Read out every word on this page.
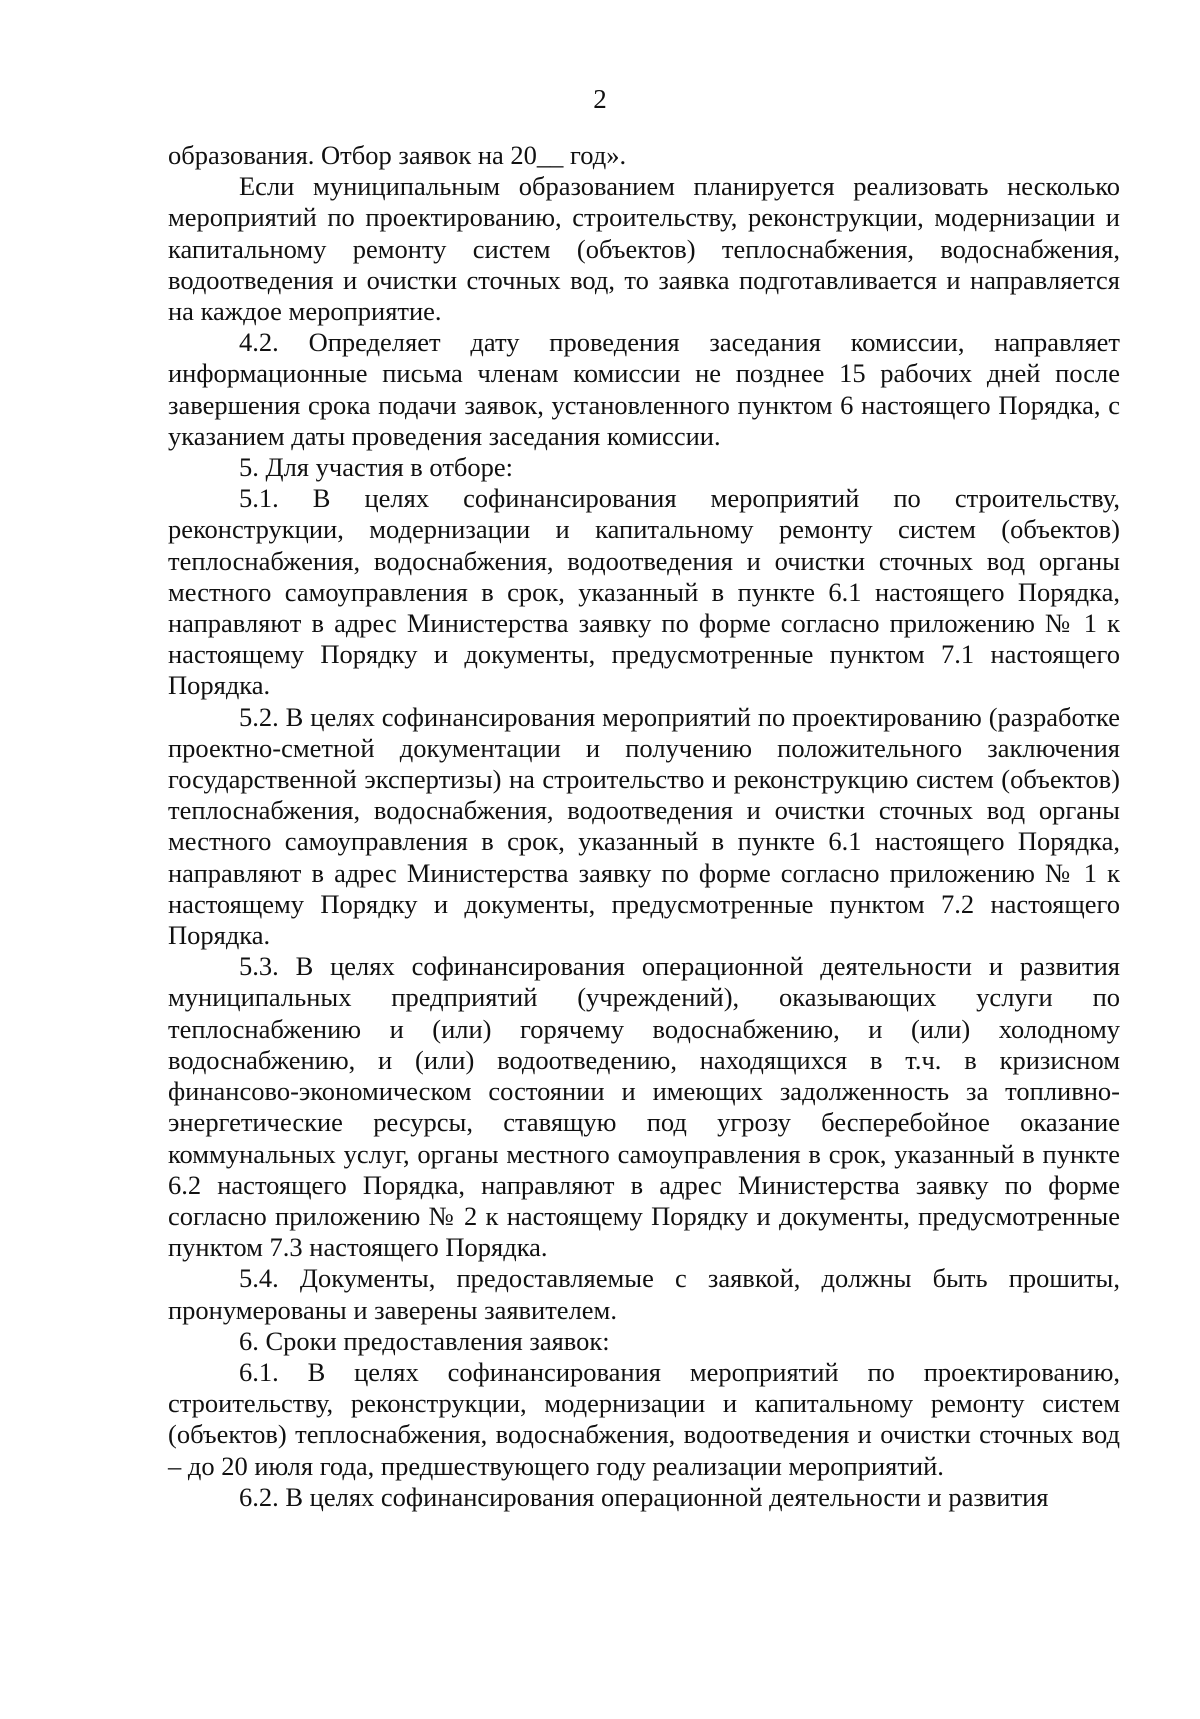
2

образования. Отбор заявок на 20__ год».

Если муниципальным образованием планируется реализовать несколько мероприятий по проектированию, строительству, реконструкции, модернизации и капитальному ремонту систем (объектов) теплоснабжения, водоснабжения, водоотведения и очистки сточных вод, то заявка подготавливается и направляется на каждое мероприятие.

4.2. Определяет дату проведения заседания комиссии, направляет информационные письма членам комиссии не позднее 15 рабочих дней после завершения срока подачи заявок, установленного пунктом 6 настоящего Порядка, с указанием даты проведения заседания комиссии.

5. Для участия в отборе:

5.1. В целях софинансирования мероприятий по строительству, реконструкции, модернизации и капитальному ремонту систем (объектов) теплоснабжения, водоснабжения, водоотведения и очистки сточных вод органы местного самоуправления в срок, указанный в пункте 6.1 настоящего Порядка, направляют в адрес Министерства заявку по форме согласно приложению № 1 к настоящему Порядку и документы, предусмотренные пунктом 7.1 настоящего Порядка.

5.2. В целях софинансирования мероприятий по проектированию (разработке проектно-сметной документации и получению положительного заключения государственной экспертизы) на строительство и реконструкцию систем (объектов) теплоснабжения, водоснабжения, водоотведения и очистки сточных вод органы местного самоуправления в срок, указанный в пункте 6.1 настоящего Порядка, направляют в адрес Министерства заявку по форме согласно приложению № 1 к настоящему Порядку и документы, предусмотренные пунктом 7.2 настоящего Порядка.

5.3. В целях софинансирования операционной деятельности и развития муниципальных предприятий (учреждений), оказывающих услуги по теплоснабжению и (или) горячему водоснабжению, и (или) холодному водоснабжению, и (или) водоотведению, находящихся в т.ч. в кризисном финансово-экономическом состоянии и имеющих задолженность за топливно-энергетические ресурсы, ставящую под угрозу бесперебойное оказание коммунальных услуг, органы местного самоуправления в срок, указанный в пункте 6.2 настоящего Порядка, направляют в адрес Министерства заявку по форме согласно приложению № 2 к настоящему Порядку и документы, предусмотренные пунктом 7.3 настоящего Порядка.

5.4. Документы, предоставляемые с заявкой, должны быть прошиты, пронумерованы и заверены заявителем.

6. Сроки предоставления заявок:

6.1. В целях софинансирования мероприятий по проектированию, строительству, реконструкции, модернизации и капитальному ремонту систем (объектов) теплоснабжения, водоснабжения, водоотведения и очистки сточных вод – до 20 июля года, предшествующего году реализации мероприятий.

6.2. В целях софинансирования операционной деятельности и развития
